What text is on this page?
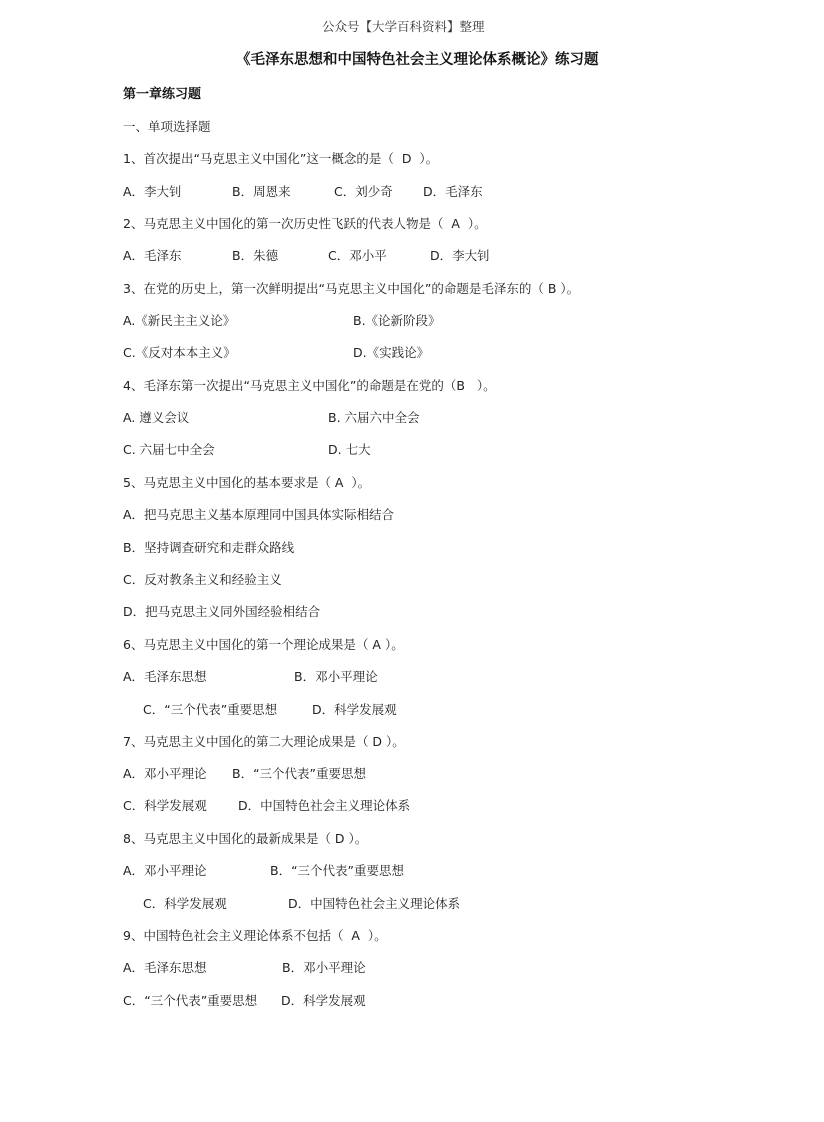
公众号【大学百科资料】整理
《毛泽东思想和中国特色社会主义理论体系概论》练习题
第一章练习题
一、单项选择题
1、首次提出“马克思主义中国化”这一概念的是（  D  ）。
A．李大钊	B．周恩来	C．刘少奇 D．毛泽东
2、马克思主义中国化的第一次历史性飞跃的代表人物是（  A  ）。
A．毛泽东	B．朱德	C．邓小平	D．李大钊
3、在党的历史上，第一次鲜明提出“马克思主义中国化”的命题是毛泽东的（ B ）。
A.《新民主主义论》	B.《论新阶段》
C.《反对本本主义》	D.《实践论》
4、毛泽东第一次提出“马克思主义中国化”的命题是在党的（B   ）。
A. 遵义会议	B. 六届六中全会
C. 六届七中全会	D. 七大
5、马克思主义中国化的基本要求是（ A  ）。
A．把马克思主义基本原理同中国具体实际相结合
B．坚持调查研究和走群众路线
C．反对教条主义和经验主义
D．把马克思主义同外国经验相结合
6、马克思主义中国化的第一个理论成果是（ A ）。
A．毛泽东思想	B．邓小平理论
C．“三个代表”重要思想	D．科学发展观
7、马克思主义中国化的第二大理论成果是（ D ）。
A．邓小平理论 B．“三个代表”重要思想
C．科学发展观	D．中国特色社会主义理论体系
8、马克思主义中国化的最新成果是（ D ）。
A．邓小平理论	B．“三个代表”重要思想
C．科学发展观	D．中国特色社会主义理论体系
9、中国特色社会主义理论体系不包括（  A  ）。
A．毛泽东思想	B．邓小平理论
C．“三个代表”重要思想 D．科学发展观
